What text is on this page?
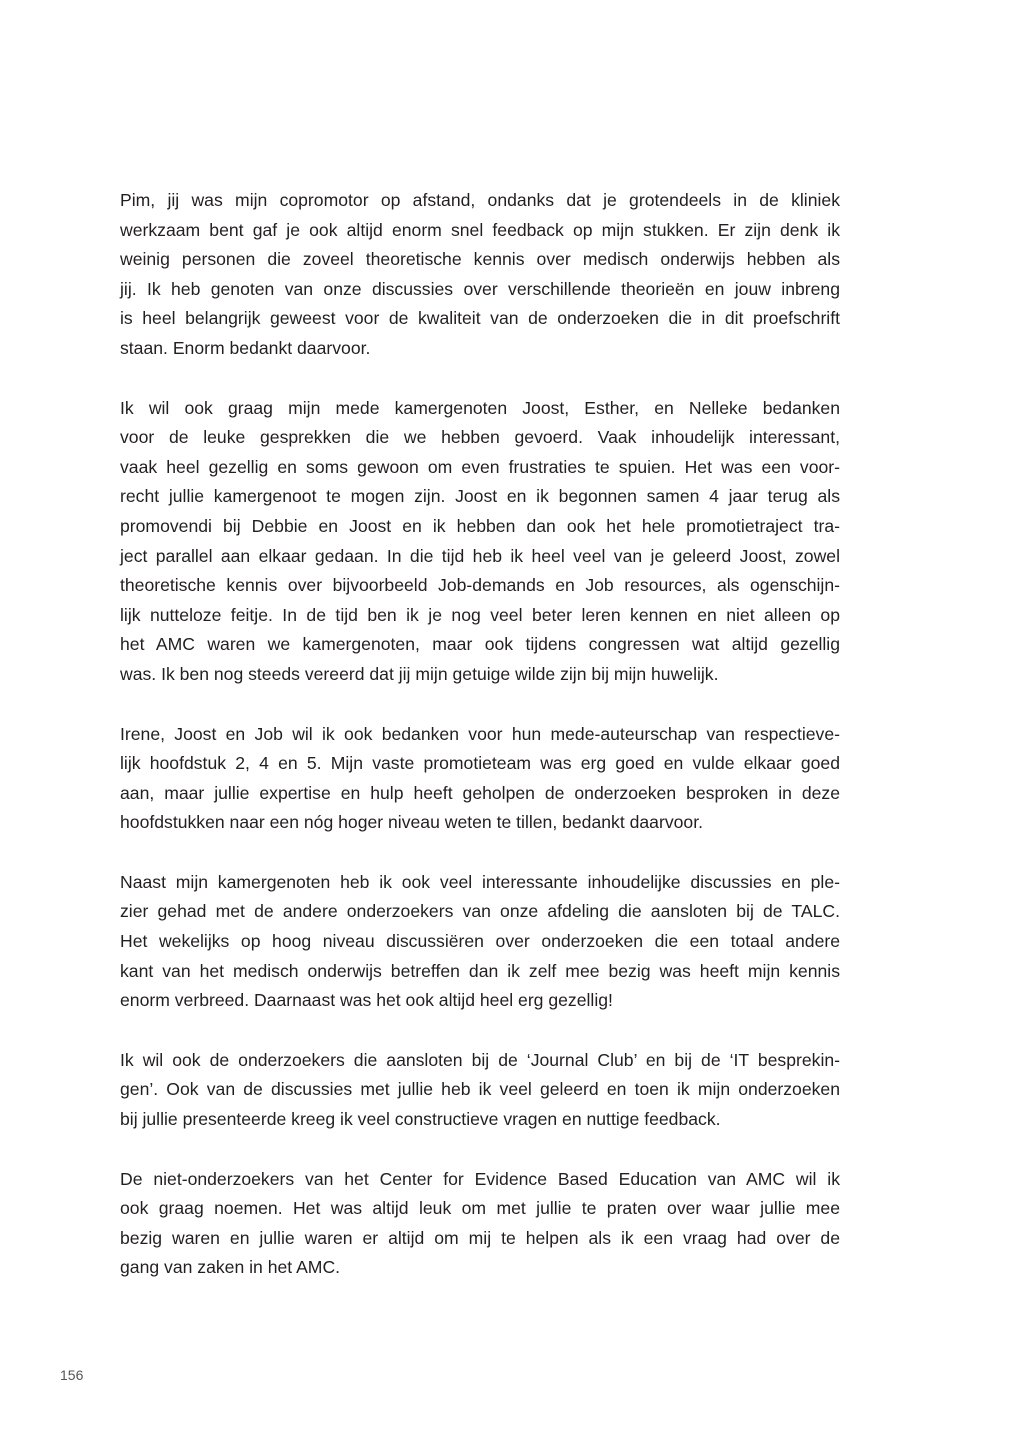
Pim, jij was mijn copromotor op afstand, ondanks dat je grotendeels in de kliniek
werkzaam bent gaf je ook altijd enorm snel feedback op mijn stukken. Er zijn denk ik
weinig personen die zoveel theoretische kennis over medisch onderwijs hebben als
jij. Ik heb genoten van onze discussies over verschillende theorieën en jouw inbreng
is heel belangrijk geweest voor de kwaliteit van de onderzoeken die in dit proefschrift
staan. Enorm bedankt daarvoor.
Ik wil ook graag mijn mede kamergenoten Joost, Esther, en Nelleke bedanken
voor de leuke gesprekken die we hebben gevoerd. Vaak inhoudelijk interessant,
vaak heel gezellig en soms gewoon om even frustraties te spuien. Het was een voor-
recht jullie kamergenoot te mogen zijn. Joost en ik begonnen samen 4 jaar terug als
promovendi bij Debbie en Joost en ik hebben dan ook het hele promotietraject tra-
ject parallel aan elkaar gedaan. In die tijd heb ik heel veel van je geleerd Joost, zowel
theoretische kennis over bijvoorbeeld Job-demands en Job resources, als ogenschijn-
lijk nutteloze feitje. In de tijd ben ik je nog veel beter leren kennen en niet alleen op
het AMC waren we kamergenoten, maar ook tijdens congressen wat altijd gezellig
was. Ik ben nog steeds vereerd dat jij mijn getuige wilde zijn bij mijn huwelijk.
Irene, Joost en Job wil ik ook bedanken voor hun mede-auteurschap van respectieve-
lijk hoofdstuk 2, 4 en 5. Mijn vaste promotieteam was erg goed en vulde elkaar goed
aan, maar jullie expertise en hulp heeft geholpen de onderzoeken besproken in deze
hoofdstukken naar een nóg hoger niveau weten te tillen, bedankt daarvoor.
Naast mijn kamergenoten heb ik ook veel interessante inhoudelijke discussies en ple-
zier gehad met de andere onderzoekers van onze afdeling die aansloten bij de TALC.
Het wekelijks op hoog niveau discussiëren over onderzoeken die een totaal andere
kant van het medisch onderwijs betreffen dan ik zelf mee bezig was heeft mijn kennis
enorm verbreed. Daarnaast was het ook altijd heel erg gezellig!
Ik wil ook de onderzoekers die aansloten bij de ‘Journal Club’ en bij de ‘IT besprekin-
gen’. Ook van de discussies met jullie heb ik veel geleerd en toen ik mijn onderzoeken
bij jullie presenteerde kreeg ik veel constructieve vragen en nuttige feedback.
De niet-onderzoekers van het Center for Evidence Based Education van AMC wil ik
ook graag noemen. Het was altijd leuk om met jullie te praten over waar jullie mee
bezig waren en jullie waren er altijd om mij te helpen als ik een vraag had over de
gang van zaken in het AMC.
156
